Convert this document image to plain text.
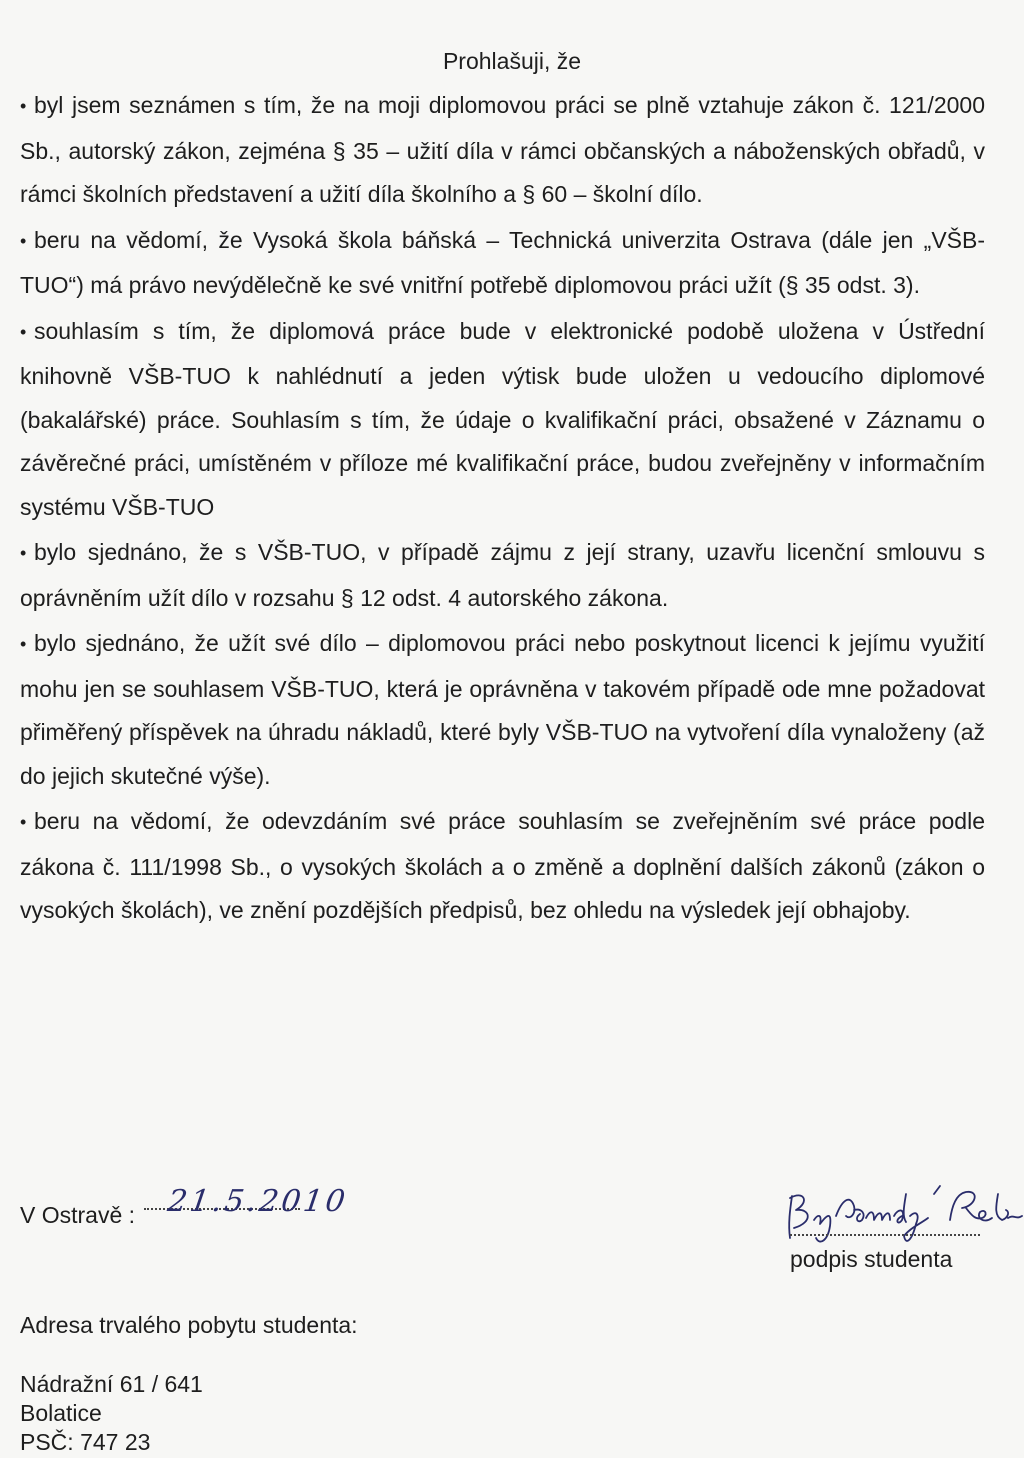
Prohlašuji, že

• byl jsem seznámen s tím, že na moji diplomovou práci se plně vztahuje zákon č. 121/2000 Sb., autorský zákon, zejména § 35 – užití díla v rámci občanských a náboženských obřadů, v rámci školních představení a užití díla školního a § 60 – školní dílo.

• beru na vědomí, že Vysoká škola báňská – Technická univerzita Ostrava (dále jen „VŠB-TUO“) má právo nevýdělečně ke své vnitřní potřebě diplomovou práci užít (§ 35 odst. 3).

• souhlasím s tím, že diplomová práce bude v elektronické podobě uložena v Ústřední knihovně VŠB-TUO k nahlédnutí a jeden výtisk bude uložen u vedoucího diplomové (bakalářské) práce. Souhlasím s tím, že údaje o kvalifikační práci, obsažené v Záznamu o závěrečné práci, umístěném v příloze mé kvalifikační práce, budou zveřejněny v informačním systému VŠB-TUO

• bylo sjednáno, že s VŠB-TUO, v případě zájmu z její strany, uzavřu licenční smlouvu s oprávněním užít dílo v rozsahu § 12 odst. 4 autorského zákona.

• bylo sjednáno, že užít své dílo – diplomovou práci nebo poskytnout licenci k jejímu využití mohu jen se souhlasem VŠB-TUO, která je oprávněna v takovém případě ode mne požadovat přiměřený příspěvek na úhradu nákladů, které byly VŠB-TUO na vytvoření díla vynaloženy (až do jejich skutečné výše).

• beru na vědomí, že odevzdáním své práce souhlasím se zveřejněním své práce podle zákona č. 111/1998 Sb., o vysokých školách a o změně a doplnění dalších zákonů (zákon o vysokých školách), ve znění pozdějších předpisů, bez ohledu na výsledek její obhajoby.

V Ostravě : 21.5.2010
podpis studenta
Adresa trvalého pobytu studenta:
Nádražní 61 / 641
Bolatice
PSČ: 747 23
